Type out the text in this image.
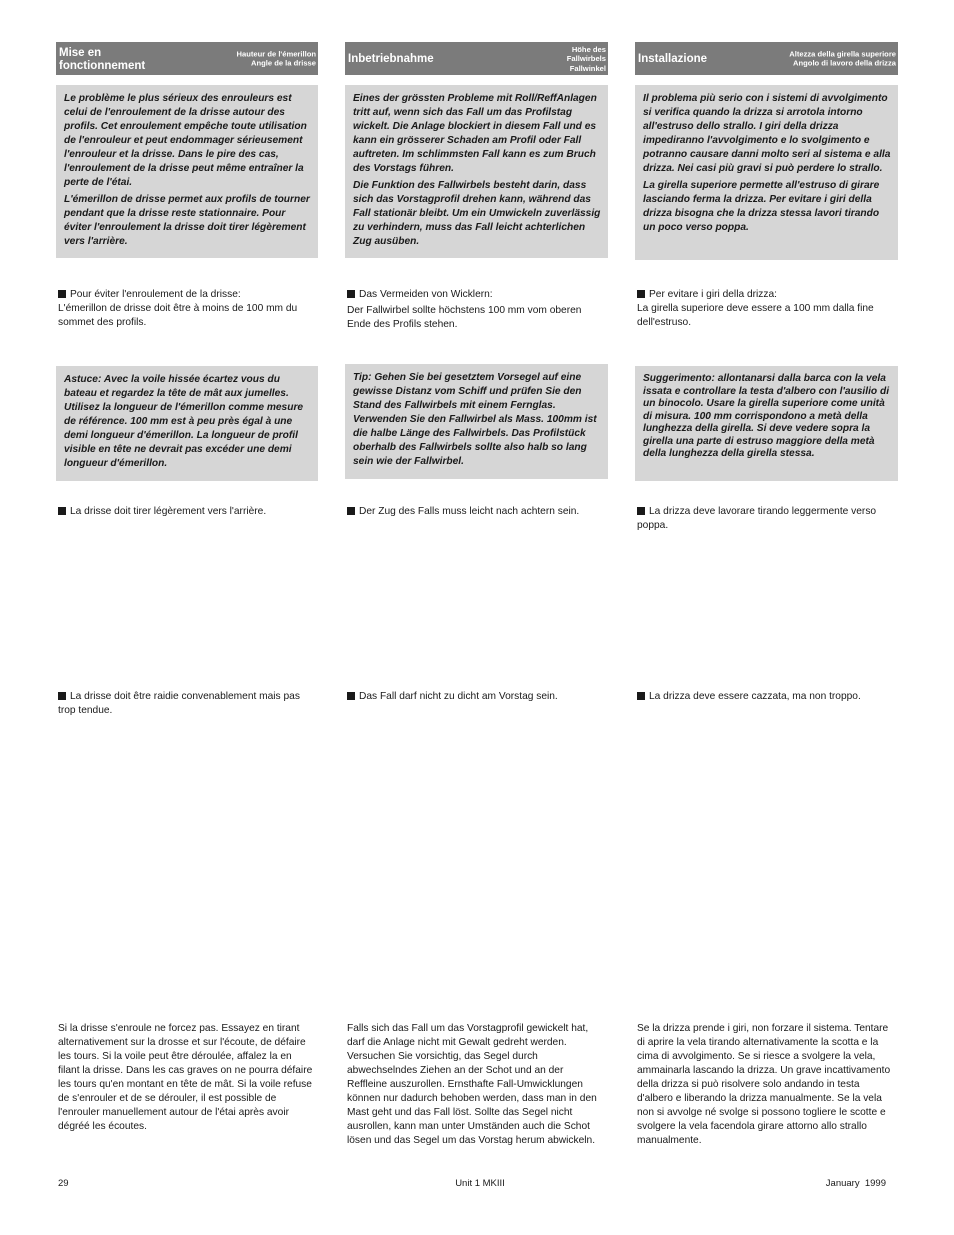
Mise en
fonctionnement
Hauteur de l'émerillon
Angle de la drisse

Le problème le plus sérieux des enrouleurs est celui de l'enroulement de la drisse autour des profils. Cet enroulement empêche toute utilisation de l'enrouleur et peut endommager sérieusement l'enrouleur et la drisse. Dans le pire des cas, l'enroulement de la drisse peut même entraîner la perte de l'étai.

L'émerillon de drisse permet aux profils de tourner pendant que la drisse reste stationnaire. Pour éviter l'enroulement la drisse doit tirer légèrement vers l'arrière.

Pour éviter l'enroulement de la drisse:

L'émerillon de drisse doit être à moins de 100 mm du sommet des profils.

Astuce: Avec la voile hissée écartez vous du bateau et regardez la tête de mât aux jumelles. Utilisez la longueur de l'émerillon comme mesure de référence. 100 mm est à peu près égal à une demi longueur d'émerillon. La longueur de profil visible en tête ne devrait pas excéder une demi longueur d'émerillon.

La drisse doit tirer légèrement vers l'arrière.

La drisse doit être raidie convenablement mais pas trop tendue.

Si la drisse s'enroule ne forcez pas. Essayez en tirant alternativement sur la drosse et sur l'écoute, de défaire les tours. Si la voile peut être déroulée, affalez la en filant la drisse. Dans les cas graves on ne pourra défaire les tours qu'en montant en tête de mât. Si la voile refuse de s'enrouler et de se dérouler, il est possible de l'enrouler manuellement autour de l'étai après avoir dégréé les écoutes.

Inbetriebnahme
Höhe des
Fallwirbels
Fallwinkel

Eines der grössten Probleme mit Roll/ReffAnlagen tritt auf, wenn sich das Fall um das Profilstag wickelt. Die Anlage blockiert in diesem Fall und es kann ein grösserer Schaden am Profil oder Fall auftreten. Im schlimmsten Fall kann es zum Bruch des Vorstags führen.

Die Funktion des Fallwirbels besteht darin, dass sich das Vorstagprofil drehen kann, während das Fall stationär bleibt. Um ein Umwickeln zuverlässig zu verhindern, muss das Fall leicht achterlichen Zug ausüben.

Das Vermeiden von Wicklern:

Der Fallwirbel sollte höchstens 100 mm vom oberen Ende des Profils stehen.

Tip: Gehen Sie bei gesetztem Vorsegel auf eine gewisse Distanz vom Schiff und prüfen Sie den Stand des Fallwirbels mit einem Fernglas. Verwenden Sie den Fallwirbel als Mass. 100mm ist die halbe Länge des Fallwirbels. Das Profilstück oberhalb des Fallwirbels sollte also halb so lang sein wie der Fallwirbel.

Der Zug des Falls muss leicht nach achtern sein.

Das Fall darf nicht zu dicht am Vorstag sein.

Falls sich das Fall um das Vorstagprofil gewickelt hat, darf die Anlage nicht mit Gewalt gedreht werden. Versuchen Sie vorsichtig, das Segel durch abwechselndes Ziehen an der Schot und an der Reffleine auszurollen. Ernsthafte Fall-Umwicklungen können nur dadurch behoben werden, dass man in den Mast geht und das Fall löst. Sollte das Segel nicht ausrollen, kann man unter Umständen auch die Schot lösen und das Segel um das Vorstag herum abwickeln.

Installazione	Altezza della girella superiore
Angolo di lavoro della drizza

Il problema più serio con i sistemi di avvolgimento si verifica quando la drizza si arrotola intorno all'estruso dello strallo. I giri della drizza impediranno l'avvolgimento e lo svolgimento e potranno causare danni molto seri al sistema e alla drizza. Nei casi più gravi si può perdere lo strallo.

La girella superiore permette all'estruso di girare lasciando ferma la drizza. Per evitare i giri della drizza bisogna che la drizza stessa lavori tirando un poco verso poppa.

Per evitare i giri della drizza:

La girella superiore deve essere a 100 mm dalla fine dell'estruso.

Suggerimento: allontanarsi dalla barca con la vela issata e controllare la testa d'albero con l'ausilio di un binocolo. Usare la girella superiore come unità di misura. 100 mm corrispondono a metà della lunghezza della girella. Si deve vedere sopra la girella una parte di estruso maggiore della metà della lunghezza della girella stessa.

La drizza deve lavorare tirando leggermente verso poppa.

La drizza deve essere cazzata, ma non troppo.

Se la drizza prende i giri, non forzare il sistema. Tentare di aprire la vela tirando alternativamente la scotta e la cima di avvolgimento. Se si riesce a svolgere la vela, ammainarla lascando la drizza. Un grave incattivamento della drizza si può risolvere solo andando in testa d'albero e liberando la drizza manualmente. Se la vela non si avvolge né svolge si possono togliere le scotte e svolgere la vela facendola girare attorno allo strallo manualmente.

29	Unit 1 MKIII	January  1999
